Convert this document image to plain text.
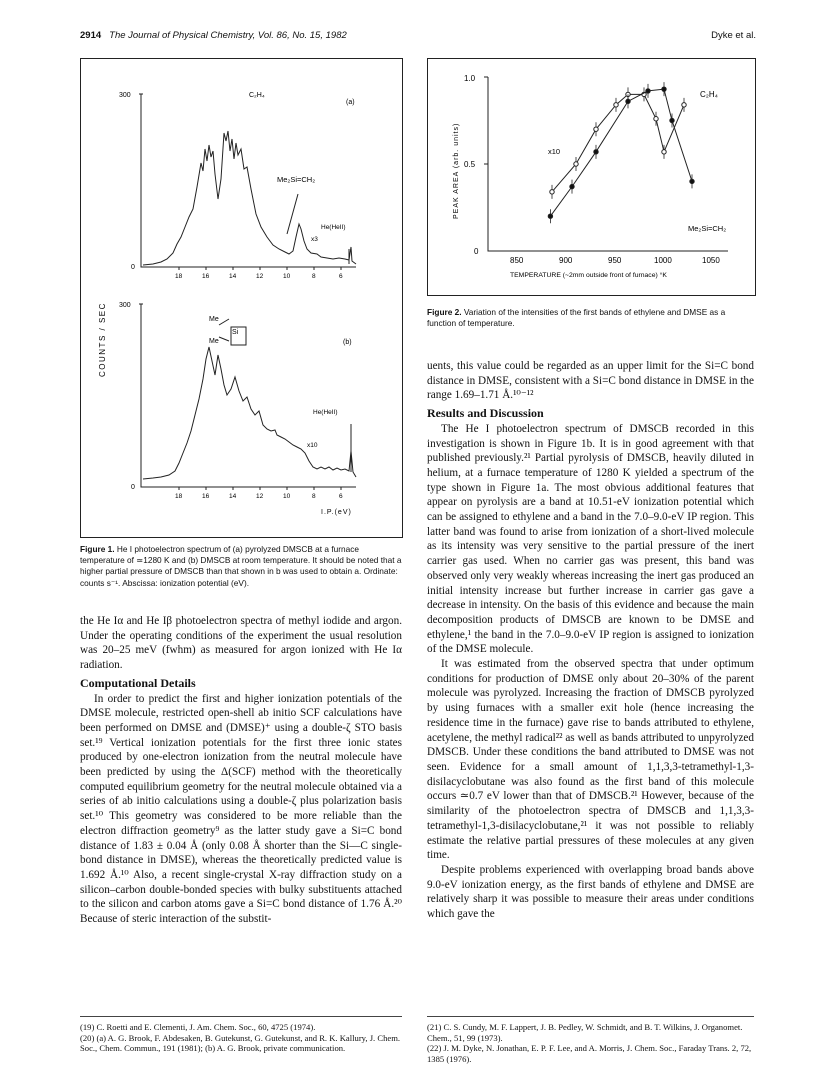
2914 The Journal of Physical Chemistry, Vol. 86, No. 15, 1982	Dyke et al.
300
0
(a)
C₂H₄
Me₂Si=CH₂
He(HeII)
x3
18	16	14	12	10	8	6
COUNTS / SEC 300
0
(b)
Me
Me
Si
He(HeII)
x10
18	16	14	12	10	8	6
I.P.(eV)

Figure 1. He I photoelectron spectrum of (a) pyrolyzed DMSCB at a furnace temperature of ≃1280 K and (b) DMSCB at room temperature. It should be noted that a higher partial pressure of DMSCB than that shown in b was used to obtain a. Ordinate: counts s⁻¹. Abscissa: ionization potential (eV).

1.0
0.5
0
PEAK AREA (arb. units)
850	900	950	1000	1050
TEMPERATURE (~2mm outside front of furnace) °K
C₂H₄
x10
Me₂Si=CH₂

Figure 2. Variation of the intensities of the first bands of ethylene and DMSE as a function of temperature.

the He Iα and He Iβ photoelectron spectra of methyl iodide and argon. Under the operating conditions of the experiment the usual resolution was 20–25 meV (fwhm) as measured for argon ionized with He Iα radiation.

Computational Details

In order to predict the first and higher ionization potentials of the DMSE molecule, restricted open-shell ab initio SCF calculations have been performed on DMSE and (DMSE)⁺ using a double-ζ STO basis set.¹⁹ Vertical ionization potentials for the first three ionic states produced by one-electron ionization from the neutral molecule have been predicted by using the Δ(SCF) method with the theoretically computed equilibrium geometry for the neutral molecule obtained via a series of ab initio calculations using a double-ζ plus polarization basis set.¹⁰ This geometry was considered to be more reliable than the electron diffraction geometry⁹ as the latter study gave a Si=C bond distance of 1.83 ± 0.04 Å (only 0.08 Å shorter than the Si—C single-bond distance in DMSE), whereas the theoretically predicted value is 1.692 Å.¹⁰ Also, a recent single-crystal X-ray diffraction study on a silicon–carbon double-bonded species with bulky substituents attached to the silicon and carbon atoms gave a Si=C bond distance of 1.76 Å.²⁰ Because of steric interaction of the substit-

uents, this value could be regarded as an upper limit for the Si=C bond distance in DMSE, consistent with a Si=C bond distance in DMSE in the range 1.69–1.71 Å.¹⁰⁻¹²

Results and Discussion

The He I photoelectron spectrum of DMSCB recorded in this investigation is shown in Figure 1b. It is in good agreement with that published previously.²¹ Partial pyrolysis of DMSCB, heavily diluted in helium, at a furnace temperature of 1280 K yielded a spectrum of the type shown in Figure 1a. The most obvious additional features that appear on pyrolysis are a band at 10.51-eV ionization potential which can be assigned to ethylene and a band in the 7.0–9.0-eV IP region. This latter band was found to arise from ionization of a short-lived molecule as its intensity was very sensitive to the partial pressure of the inert carrier gas used. When no carrier gas was present, this band was observed only very weakly whereas increasing the inert gas produced an initial intensity increase but further increase in carrier gas gave a decrease in intensity. On the basis of this evidence and because the main decomposition products of DMSCB are known to be DMSE and ethylene,¹ the band in the 7.0–9.0-eV IP region is assigned to ionization of the DMSE molecule.

It was estimated from the observed spectra that under optimum conditions for production of DMSE only about 20–30% of the parent molecule was pyrolyzed. Increasing the fraction of DMSCB pyrolyzed by using furnaces with a smaller exit hole (hence increasing the residence time in the furnace) gave rise to bands attributed to ethylene, acetylene, the methyl radical²² as well as bands attributed to unpyrolyzed DMSCB. Under these conditions the band attributed to DMSE was not seen. Evidence for a small amount of 1,1,3,3-tetramethyl-1,3-disilacyclobutane was also found as the first band of this molecule occurs ≃0.7 eV lower than that of DMSCB.²¹ However, because of the similarity of the photoelectron spectra of DMSCB and 1,1,3,3-tetramethyl-1,3-disilacyclobutane,²¹ it was not possible to reliably estimate the relative partial pressures of these molecules at any given time.

Despite problems experienced with overlapping broad bands above 9.0-eV ionization energy, as the first bands of ethylene and DMSE are relatively sharp it was possible to measure their areas under conditions which gave the

(19) C. Roetti and E. Clementi, J. Am. Chem. Soc., 60, 4725 (1974).
(20) (a) A. G. Brook, F. Abdesaken, B. Gutekunst, G. Gutekunst, and R. K. Kallury, J. Chem. Soc., Chem. Commun., 191 (1981); (b) A. G. Brook, private communication.
(21) C. S. Cundy, M. F. Lappert, J. B. Pedley, W. Schmidt, and B. T. Wilkins, J. Organomet. Chem., 51, 99 (1973).
(22) J. M. Dyke, N. Jonathan, E. P. F. Lee, and A. Morris, J. Chem. Soc., Faraday Trans. 2, 72, 1385 (1976).
